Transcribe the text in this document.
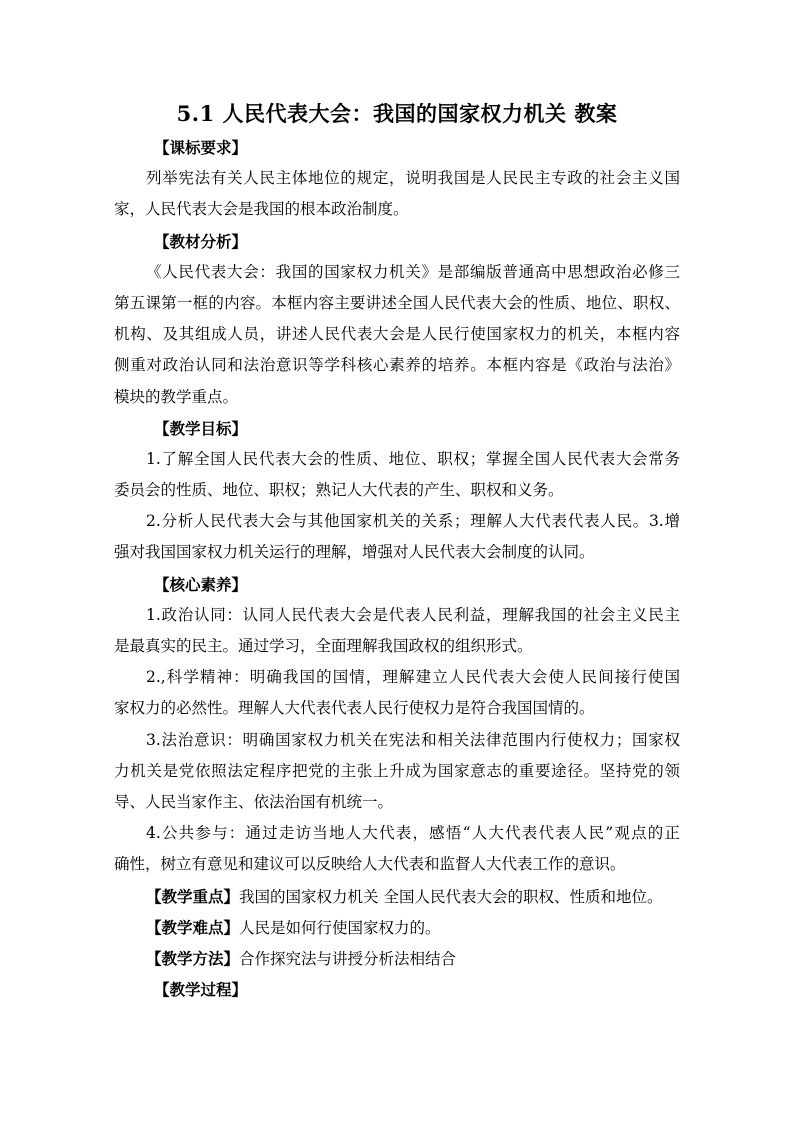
5.1 人民代表大会：我国的国家权力机关 教案
【课标要求】
列举宪法有关人民主体地位的规定，说明我国是人民民主专政的社会主义国
家，人民代表大会是我国的根本政治制度。
【教材分析】
《人民代表大会：我国的国家权力机关》是部编版普通高中思想政治必修三
第五课第一框的内容。本框内容主要讲述全国人民代表大会的性质、地位、职权、
机构、及其组成人员，讲述人民代表大会是人民行使国家权力的机关，本框内容
侧重对政治认同和法治意识等学科核心素养的培养。本框内容是《政治与法治》
模块的教学重点。
【教学目标】
1.了解全国人民代表大会的性质、地位、职权；掌握全国人民代表大会常务
委员会的性质、地位、职权；熟记人大代表的产生、职权和义务。
2.分析人民代表大会与其他国家机关的关系；理解人大代表代表人民。3.增
强对我国国家权力机关运行的理解，增强对人民代表大会制度的认同。
【核心素养】
1.政治认同：认同人民代表大会是代表人民利益，理解我国的社会主义民主
是最真实的民主。通过学习，全面理解我国政权的组织形式。
2.,科学精神：明确我国的国情，理解建立人民代表大会使人民间接行使国
家权力的必然性。理解人大代表代表人民行使权力是符合我国国情的。
3.法治意识：明确国家权力机关在宪法和相关法律范围内行使权力；国家权
力机关是党依照法定程序把党的主张上升成为国家意志的重要途径。坚持党的领
导、人民当家作主、依法治国有机统一。
4.公共参与：通过走访当地人大代表，感悟“人大代表代表人民”观点的正
确性，树立有意见和建议可以反映给人大代表和监督人大代表工作的意识。
【教学重点】我国的国家权力机关 全国人民代表大会的职权、性质和地位。
【教学难点】人民是如何行使国家权力的。
【教学方法】合作探究法与讲授分析法相结合
【教学过程】
